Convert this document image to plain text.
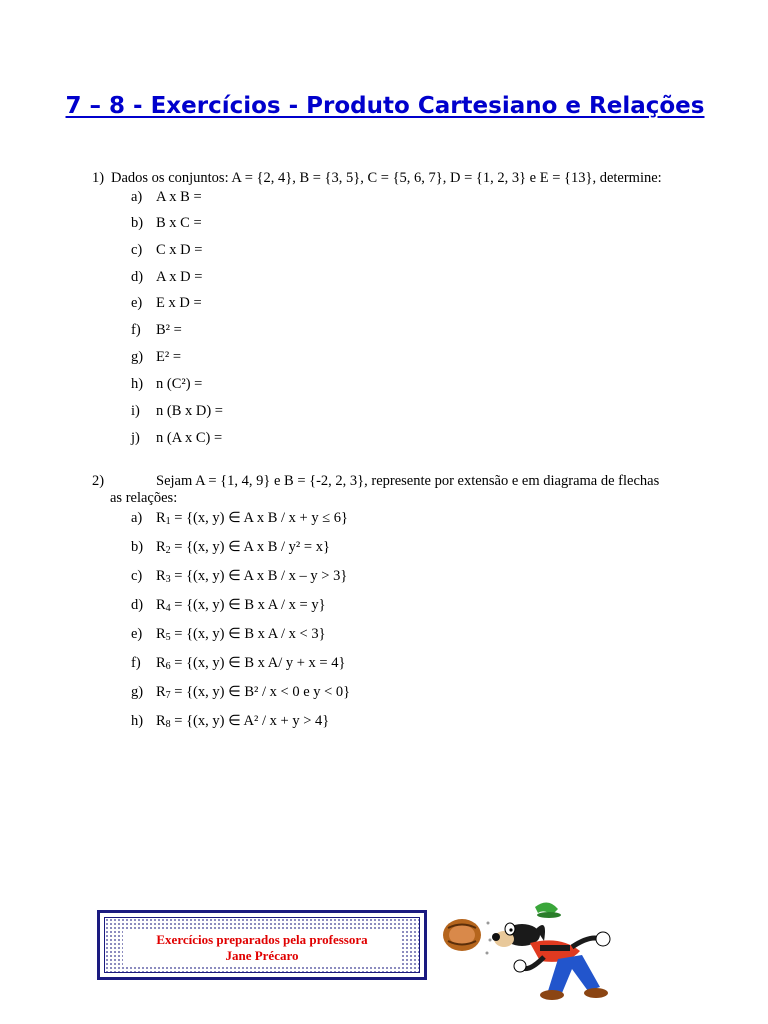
7 – 8 - Exercícios - Produto Cartesiano e Relações
1) Dados os conjuntos: A = {2, 4}, B = {3, 5}, C = {5, 6, 7}, D = {1, 2, 3} e E = {13}, determine:
a) A x B =
b) B x C =
c) C x D =
d) A x D =
e) E x D =
f) B² =
g) E² =
h) n (C²) =
i) n (B x D) =
j) n (A x C) =
2)	Sejam A = {1, 4, 9} e B = {-2, 2, 3}, represente por extensão e em diagrama de flechas
as relações:
a) $R_1 = \{(x$, y) ∈ A x B / x + y ≤ 6}
b) $R_2 = \{(x$, y) ∈ A x B / y² = x}
c) $R_3 = \{(x$, y) ∈ A x B / x – y > 3}
d) $R_4 = \{(x$, y) ∈ B x A / x = y}
e) $R_5 = \{(x$, y) ∈ B x A / x < 3}
f) $R_6 = \{(x$, y) ∈ B x A/ y + x = 4}
g) $R_7 = \{(x$, y) ∈ B² / x < 0 e y < 0}
h) $R_8 = \{(x$, y) ∈ A² / x + y > 4}
Exercícios preparados pela professora
Jane Précaro
